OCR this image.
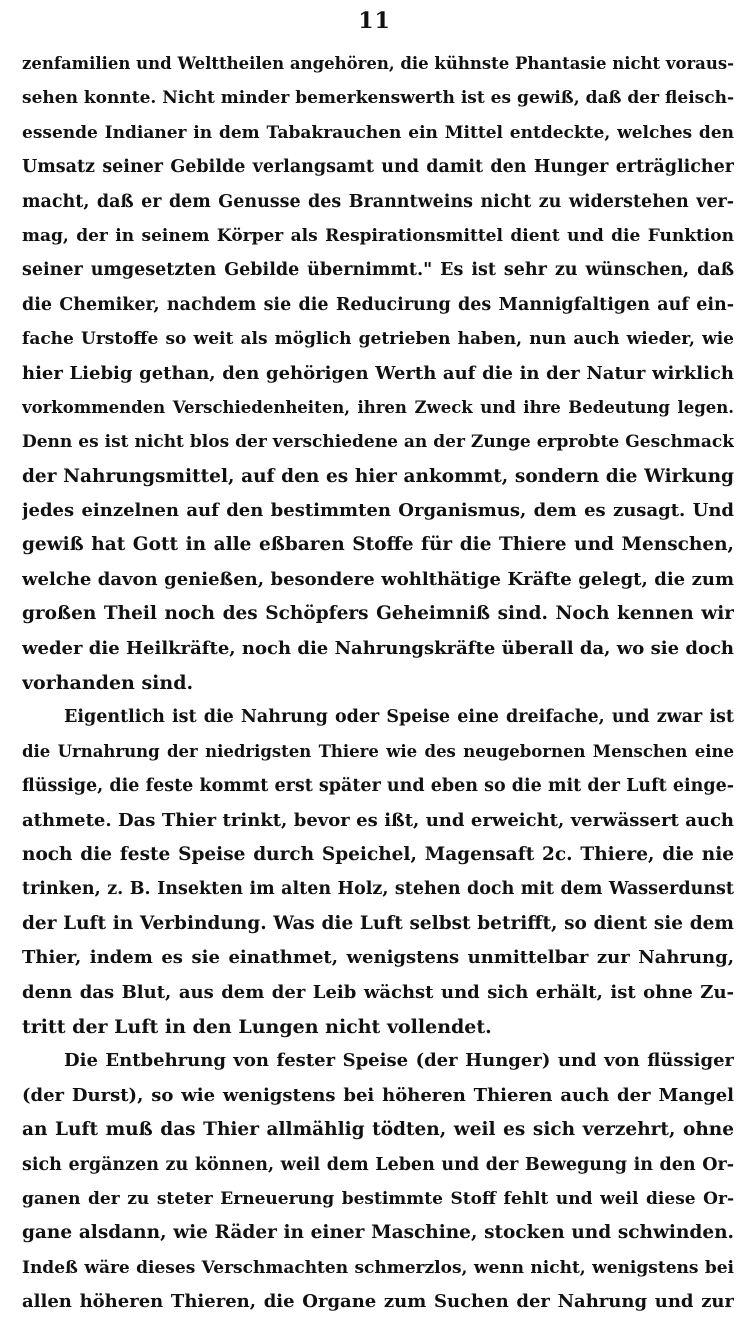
11
zenfamilien und Welttheilen angehören, die kühnste Phantasie nicht voraus-
sehen konnte. Nicht minder bemerkenswerth ist es gewiß, daß der fleisch-
essende Indianer in dem Tabakrauchen ein Mittel entdeckte, welches den
Umsatz seiner Gebilde verlangsamt und damit den Hunger erträglicher
macht, daß er dem Genusse des Branntweins nicht zu widerstehen ver-
mag, der in seinem Körper als Respirationsmittel dient und die Funktion
seiner umgesetzten Gebilde übernimmt." Es ist sehr zu wünschen, daß
die Chemiker, nachdem sie die Reducirung des Mannigfaltigen auf ein-
fache Urstoffe so weit als möglich getrieben haben, nun auch wieder, wie
hier Liebig gethan, den gehörigen Werth auf die in der Natur wirklich
vorkommenden Verschiedenheiten, ihren Zweck und ihre Bedeutung legen.
Denn es ist nicht blos der verschiedene an der Zunge erprobte Geschmack
der Nahrungsmittel, auf den es hier ankommt, sondern die Wirkung
jedes einzelnen auf den bestimmten Organismus, dem es zusagt. Und
gewiß hat Gott in alle eßbaren Stoffe für die Thiere und Menschen,
welche davon genießen, besondere wohlthätige Kräfte gelegt, die zum
großen Theil noch des Schöpfers Geheimniß sind. Noch kennen wir
weder die Heilkräfte, noch die Nahrungskräfte überall da, wo sie doch
vorhanden sind.
Eigentlich ist die Nahrung oder Speise eine dreifache, und zwar ist
die Urnahrung der niedrigsten Thiere wie des neugebornen Menschen eine
flüssige, die feste kommt erst später und eben so die mit der Luft einge-
athmete. Das Thier trinkt, bevor es ißt, und erweicht, verwässert auch
noch die feste Speise durch Speichel, Magensaft 2c. Thiere, die nie
trinken, z. B. Insekten im alten Holz, stehen doch mit dem Wasserdunst
der Luft in Verbindung. Was die Luft selbst betrifft, so dient sie dem
Thier, indem es sie einathmet, wenigstens unmittelbar zur Nahrung,
denn das Blut, aus dem der Leib wächst und sich erhält, ist ohne Zu-
tritt der Luft in den Lungen nicht vollendet.
Die Entbehrung von fester Speise (der Hunger) und von flüssiger
(der Durst), so wie wenigstens bei höheren Thieren auch der Mangel
an Luft muß das Thier allmählig tödten, weil es sich verzehrt, ohne
sich ergänzen zu können, weil dem Leben und der Bewegung in den Or-
ganen der zu steter Erneuerung bestimmte Stoff fehlt und weil diese Or-
gane alsdann, wie Räder in einer Maschine, stocken und schwinden.
Indeß wäre dieses Verschmachten schmerzlos, wenn nicht, wenigstens bei
allen höheren Thieren, die Organe zum Suchen der Nahrung und zur
